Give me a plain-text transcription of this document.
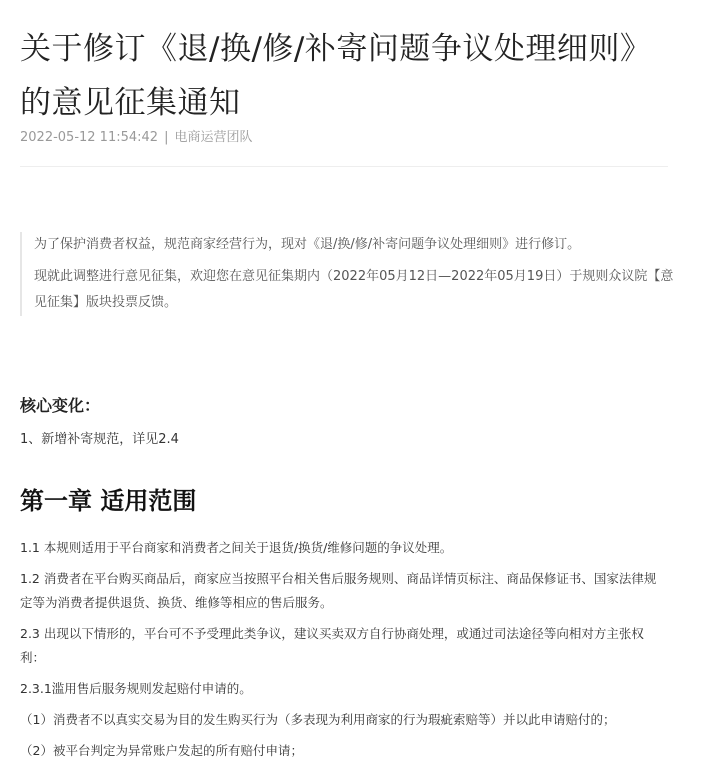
关于修订《退/换/修/补寄问题争议处理细则》的意见征集通知
2022-05-12 11:54:42 | 电商运营团队

为了保护消费者权益，规范商家经营行为，现对《退/换/修/补寄问题争议处理细则》进行修订。

现就此调整进行意见征集，欢迎您在意见征集期内（2022年05月12日—2022年05月19日）于规则众议院【意见征集】版块投票反馈。

核心变化：
1、新增补寄规范，详见2.4
第一章 适用范围

1.1 本规则适用于平台商家和消费者之间关于退货/换货/维修问题的争议处理。

1.2 消费者在平台购买商品后，商家应当按照平台相关售后服务规则、商品详情页标注、商品保修证书、国家法律规定等为消费者提供退货、换货、维修等相应的售后服务。

2.3 出现以下情形的，平台可不予受理此类争议，建议买卖双方自行协商处理，或通过司法途径等向相对方主张权利：

2.3.1滥用售后服务规则发起赔付申请的。

（1）消费者不以真实交易为目的发生购买行为（多表现为利用商家的行为瑕疵索赔等）并以此申请赔付的；

（2）被平台判定为异常账户发起的所有赔付申请；
